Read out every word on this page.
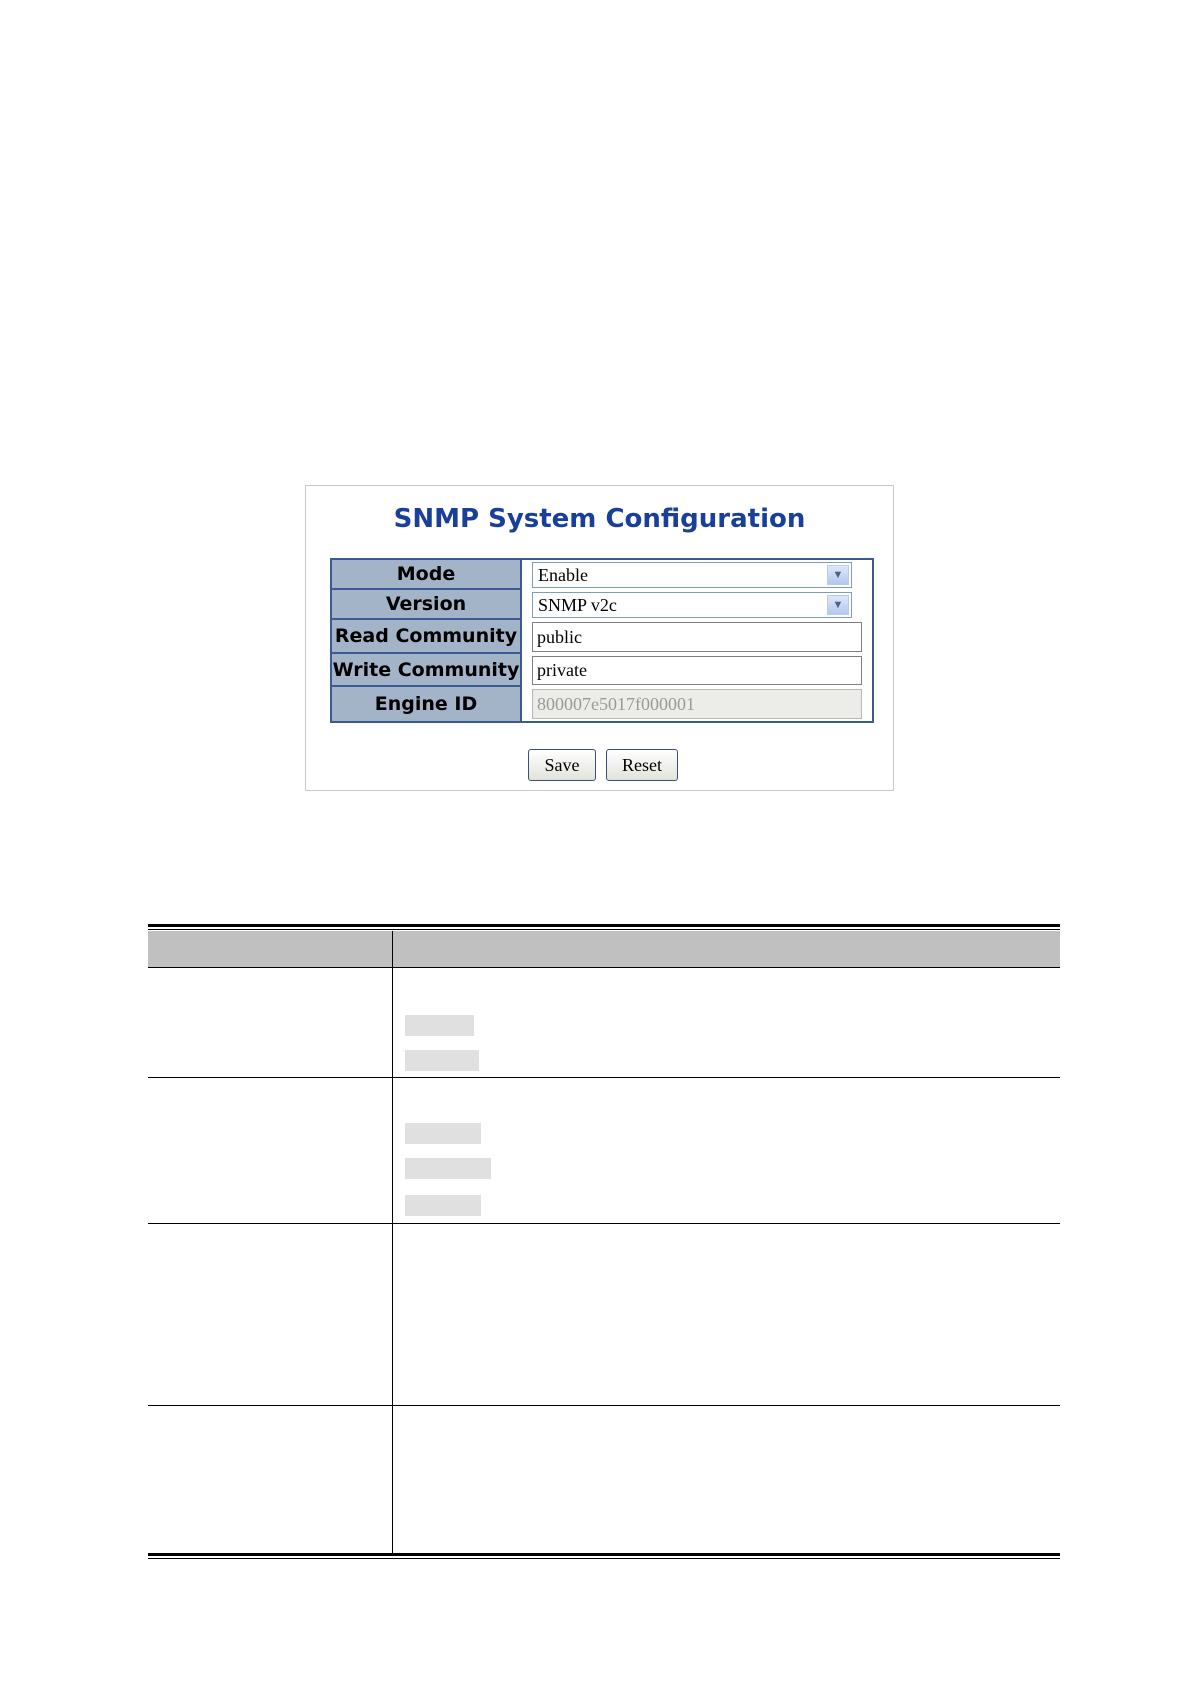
SNMP System Configuration
Mode	Enable	▼
Version	SNMP v2c	▼
Read Community public
Write Community private
Engine ID	800007e5017f000001
Save	Reset
